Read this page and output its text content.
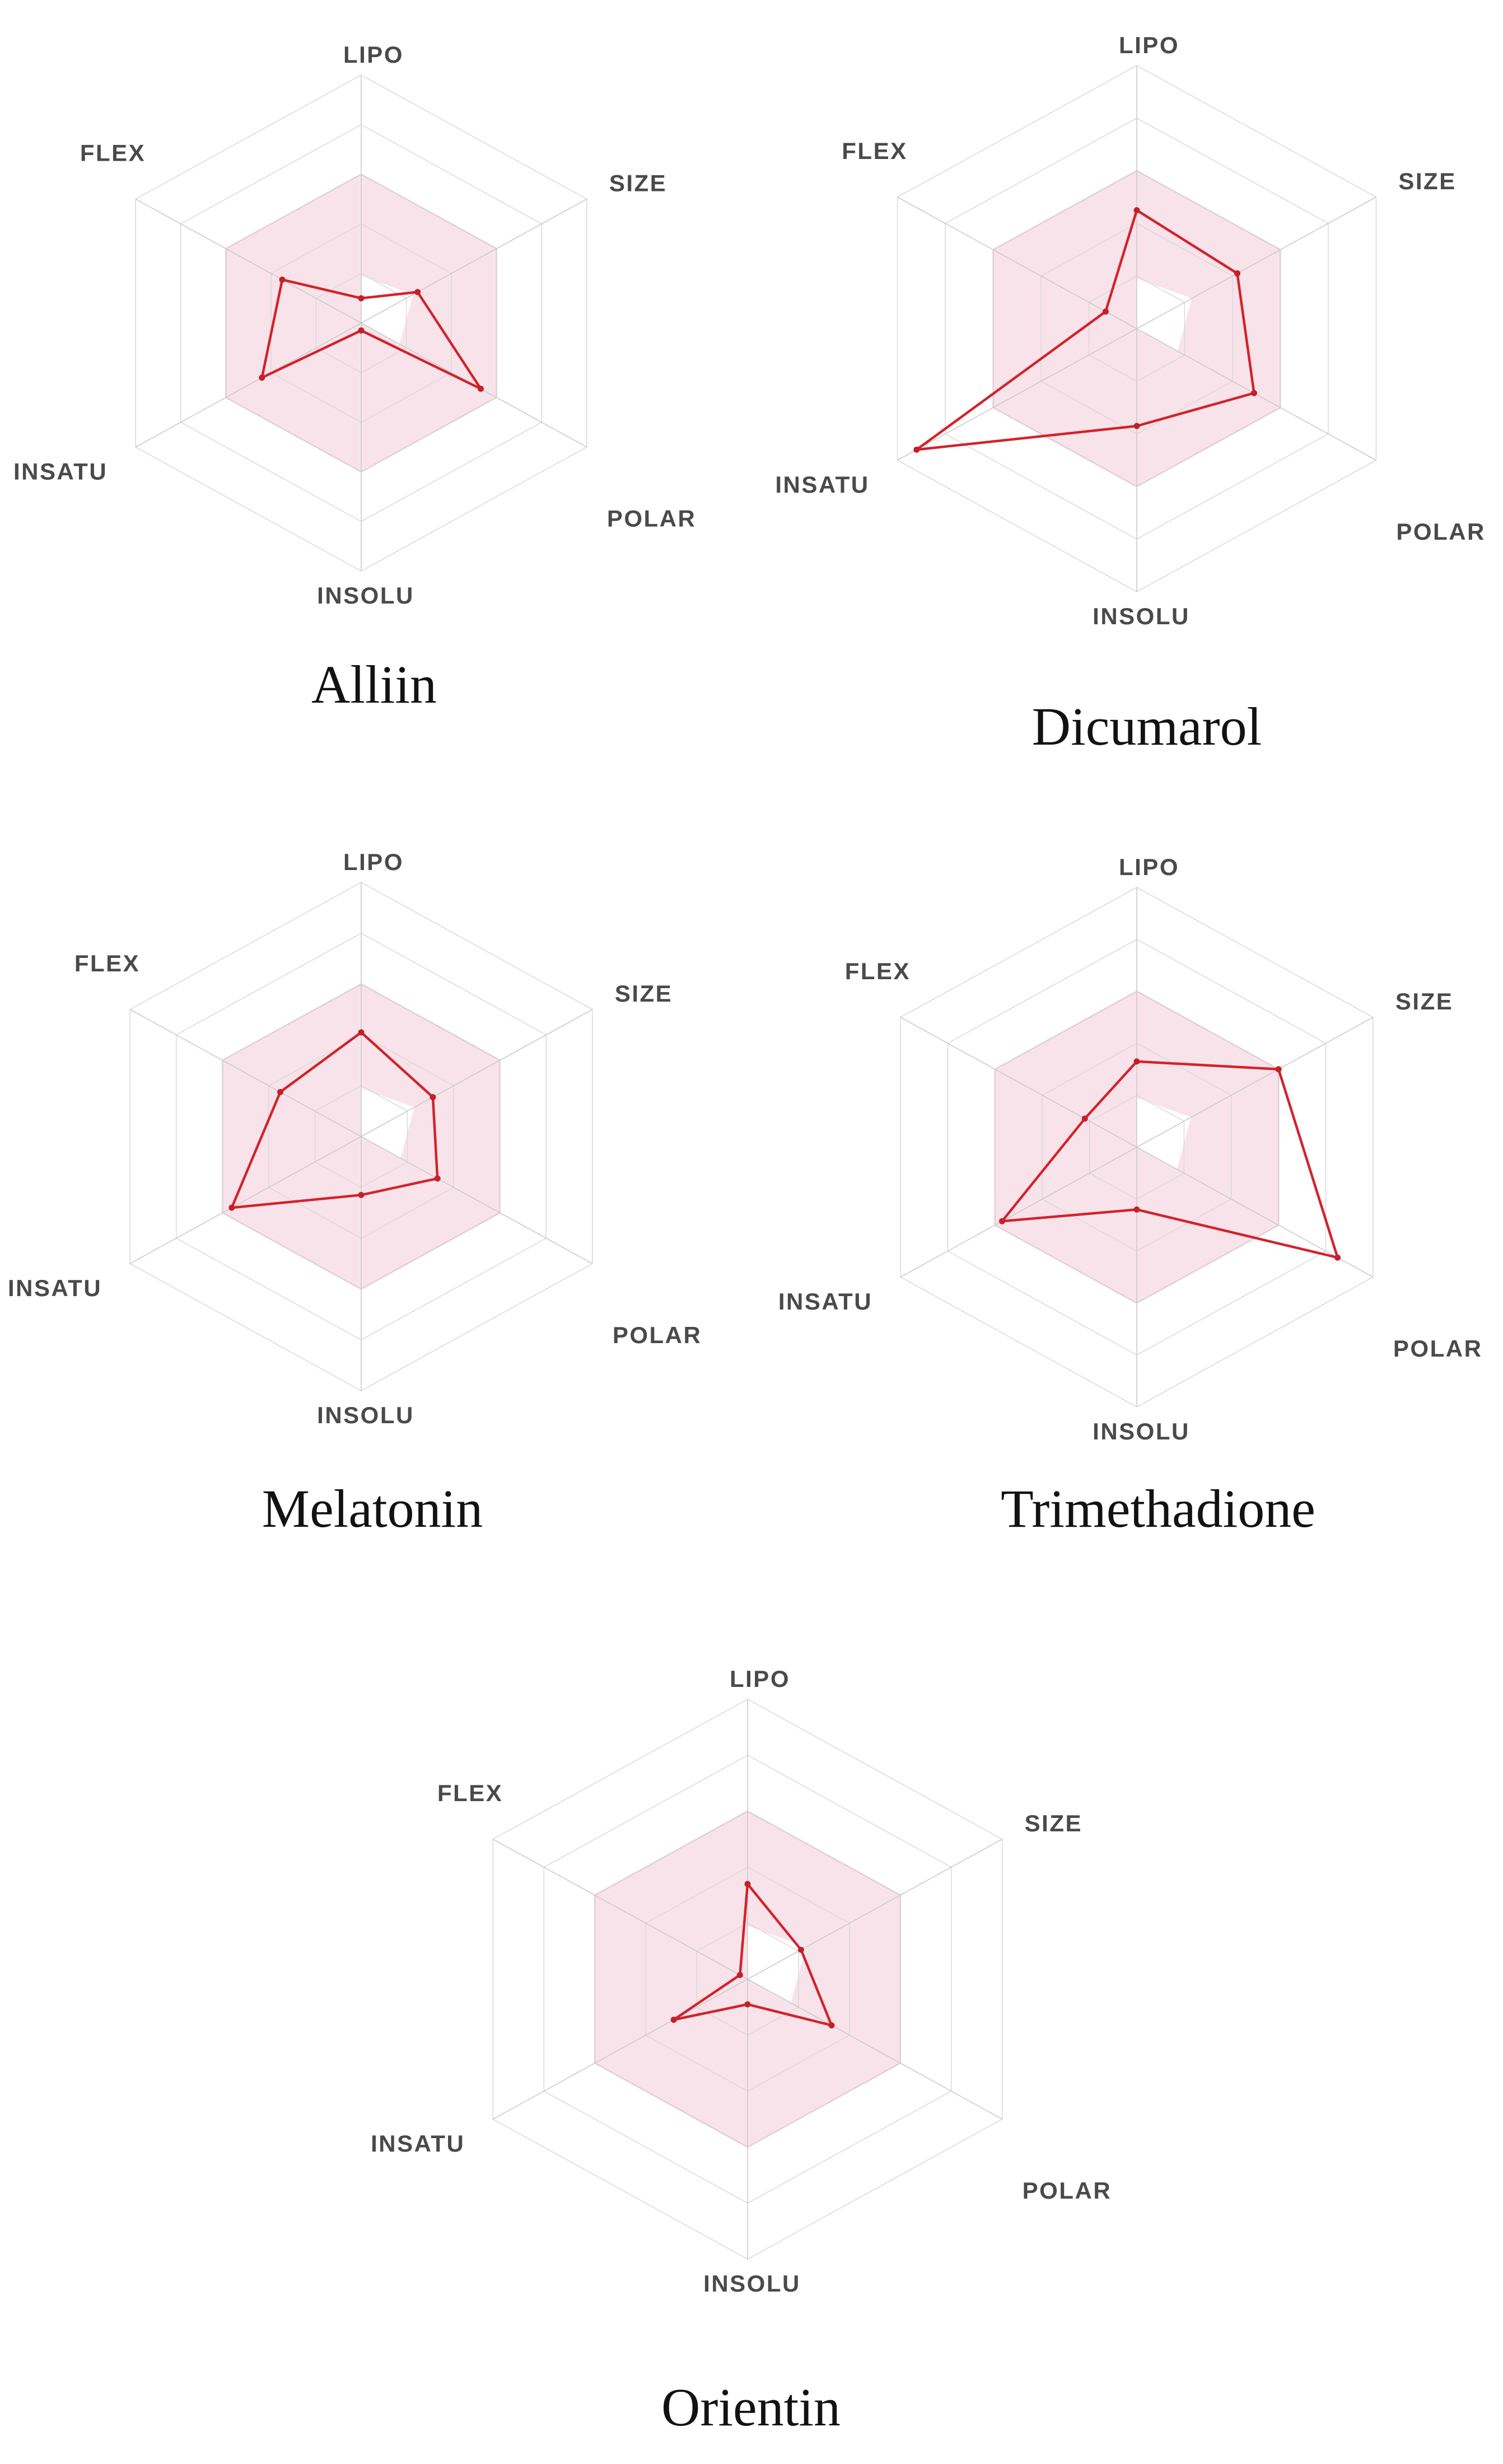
LIPO
SIZE
POLAR
INSOLU
INSATU
FLEX
LIPO
SIZE
POLAR
INSOLU
INSATU
FLEX
LIPO
SIZE
POLAR
INSOLU
INSATU
FLEX
LIPO
SIZE
POLAR
INSOLU
INSATU
FLEX
LIPO
SIZE
POLAR
INSOLU
INSATU
FLEX
Alliin
Dicumarol
Melatonin	Trimethadione
Orientin
